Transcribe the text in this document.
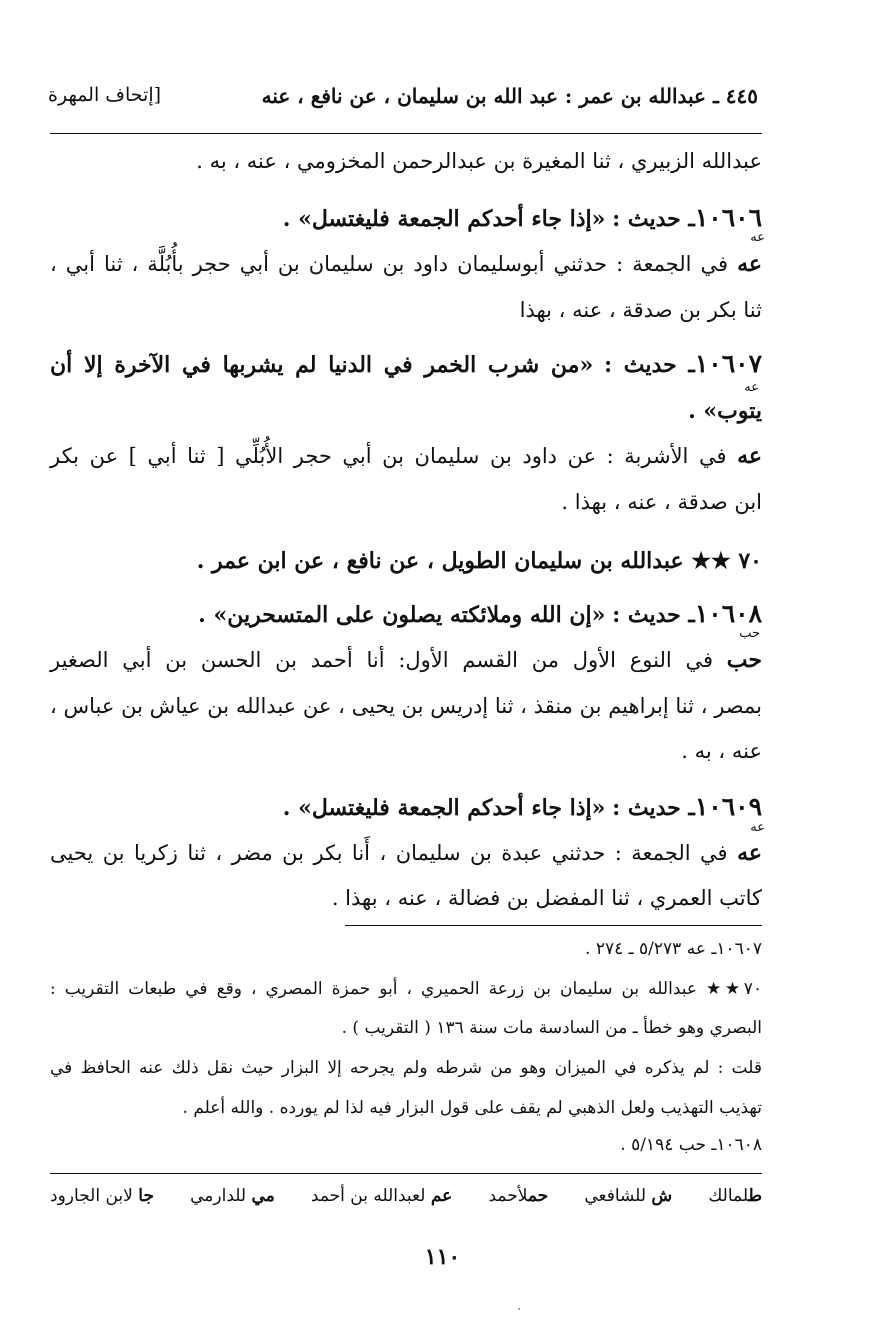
٤٤٥ ـ عبدالله بن عمر : عبد الله بن سليمان ، عن نافع ، عنه
[إتحاف المهرة
عبدالله الزبيري ، ثنا المغيرة بن عبدالرحمن المخزومي ، عنه ، به .
١٠٦٠٦ـ حديث : «إذا جاء أحدكم الجمعة فليغتسل» .
عه
عه في الجمعة : حدثني أبوسليمان داود بن سليمان بن أبي حجر بأُبُلَّة ، ثنا أبي ،
ثنا بكر بن صدقة ، عنه ، بهذا
١٠٦٠٧ـ حديث : «من شرب الخمر في الدنيا لم يشربها في الآخرة إلا أن
عه
يتوب» .
عه في الأشربة : عن داود بن سليمان بن أبي حجر الأُبُلِّي [ ثنا أبي ] عن بكر
ابن صدقة ، عنه ، بهذا .
٧٠ ★★ عبدالله بن سليمان الطويل ، عن نافع ، عن ابن عمر .
١٠٦٠٨ـ حديث : «إن الله وملائكته يصلون على المتسحرين» .
حب
حب في النوع الأول من القسم الأول: أنا أحمد بن الحسن بن أبي الصغير
بمصر ، ثنا إبراهيم بن منقذ ، ثنا إدريس بن يحيى ، عن عبدالله بن عياش بن عباس ،
عنه ، به .
١٠٦٠٩ـ حديث : «إذا جاء أحدكم الجمعة فليغتسل» .
عه
عه في الجمعة : حدثني عبدة بن سليمان ، أَنا بكر بن مضر ، ثنا زكريا بن يحيى
كاتب العمري ، ثنا المفضل بن فضالة ، عنه ، بهذا .
١٠٦٠٧ـ عه ٥/٢٧٣ ـ ٢٧٤ .
٧٠★★ عبدالله بن سليمان بن زرعة الحميري ، أبو حمزة المصري ، وقع في طبعات التقريب :
البصري وهو خطأ ـ من السادسة مات سنة ١٣٦ ( التقريب ) .
قلت : لم يذكره في الميزان وهو من شرطه ولم يجرحه إلا البزار حيث نقل ذلك عنه الحافظ في
تهذيب التهذيب ولعل الذهبي لم يقف على قول البزار فيه لذا لم يورده . والله أعلم .
١٠٦٠٨ـ حب ٥/١٩٤ .
طلمالك
ش للشافعي
حملأحمد
عم لعبدالله بن أحمد
مي للدارمي
جا لابن الجارود
١١٠
